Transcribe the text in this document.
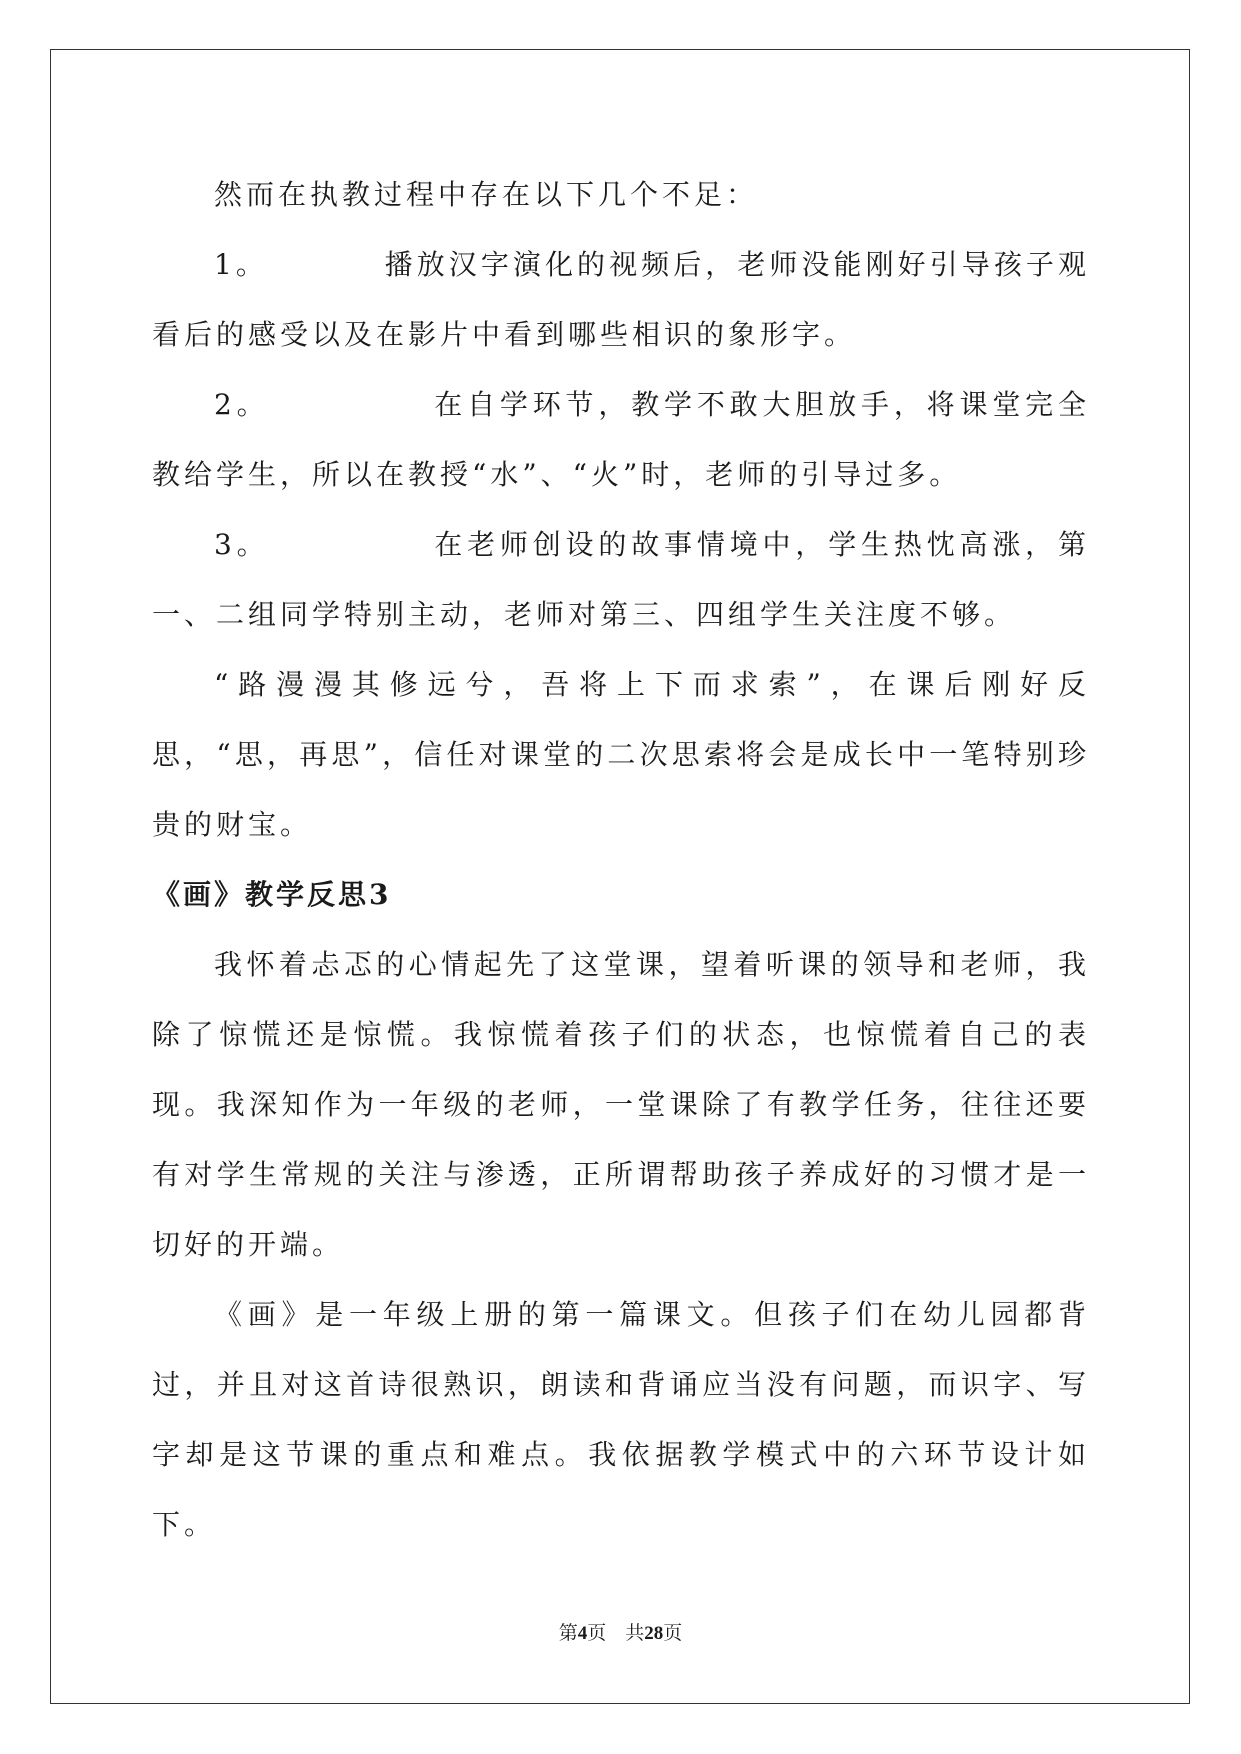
然而在执教过程中存在以下几个不足：

1。         播放汉字演化的视频后，老师没能刚好引导孩子观看后的感受以及在影片中看到哪些相识的象形字。

2。            在自学环节，教学不敢大胆放手，将课堂完全教给学生，所以在教授“水”、“火”时，老师的引导过多。

3。            在老师创设的故事情境中，学生热忱高涨，第一、二组同学特别主动，老师对第三、四组学生关注度不够。

“路漫漫其修远兮，吾将上下而求索”，在课后刚好反思，“思，再思”，信任对课堂的二次思索将会是成长中一笔特别珍贵的财宝。

《画》教学反思3

我怀着忐忑的心情起先了这堂课，望着听课的领导和老师，我除了惊慌还是惊慌。我惊慌着孩子们的状态，也惊慌着自己的表现。我深知作为一年级的老师，一堂课除了有教学任务，往往还要有对学生常规的关注与渗透，正所谓帮助孩子养成好的习惯才是一切好的开端。

《画》是一年级上册的第一篇课文。但孩子们在幼儿园都背过，并且对这首诗很熟识，朗读和背诵应当没有问题，而识字、写字却是这节课的重点和难点。我依据教学模式中的六环节设计如下。

第4页　 共28页
